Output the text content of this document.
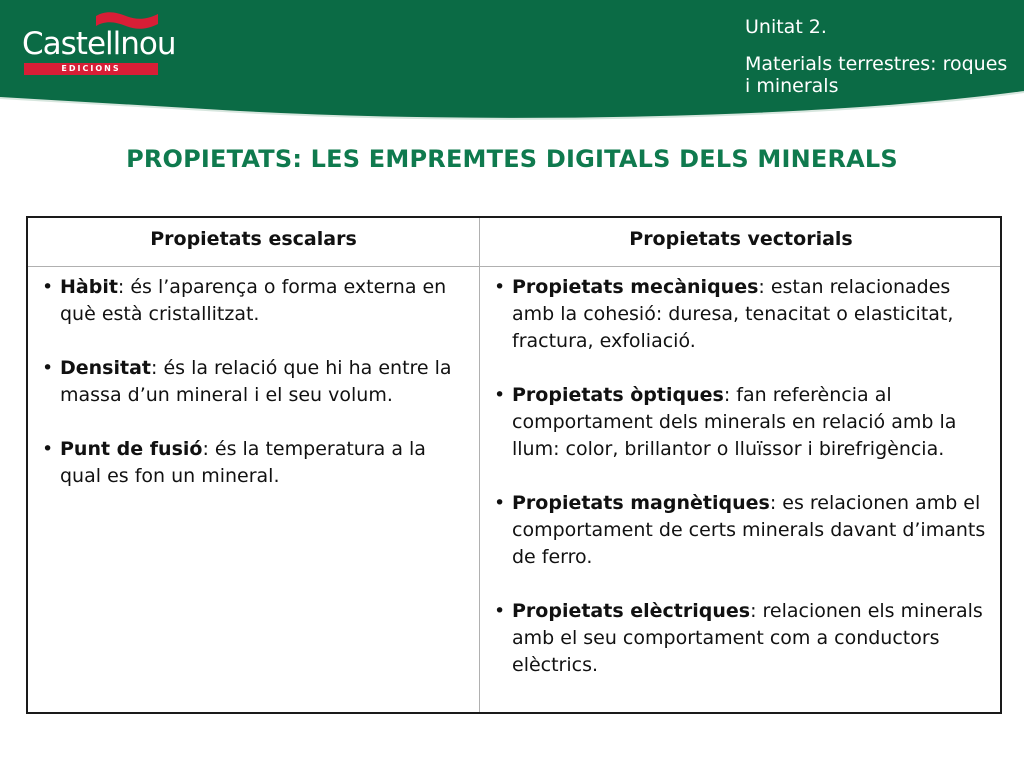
Castellnou
EDICIONS
Unitat 2.
Materials terrestres: roques i minerals
PROPIETATS: LES EMPREMTES DIGITALS DELS MINERALS
Propietats escalars	Propietats vectorials
• Hàbit: és l’aparença o forma externa en què està cristallitzat.
• Densitat: és la relació que hi ha entre la massa d’un mineral i el seu volum.
• Punt de fusió: és la temperatura a la qual es fon un mineral.
• Propietats mecàniques: estan relacionades amb la cohesió: duresa, tenacitat o elasticitat, fractura, exfoliació.
• Propietats òptiques: fan referència al comportament dels minerals en relació amb la llum: color, brillantor o lluïssor i birefrigència.
• Propietats magnètiques: es relacionen amb el comportament de certs minerals davant d’imants de ferro.
• Propietats elèctriques: relacionen els minerals amb el seu comportament com a conductors elèctrics.
